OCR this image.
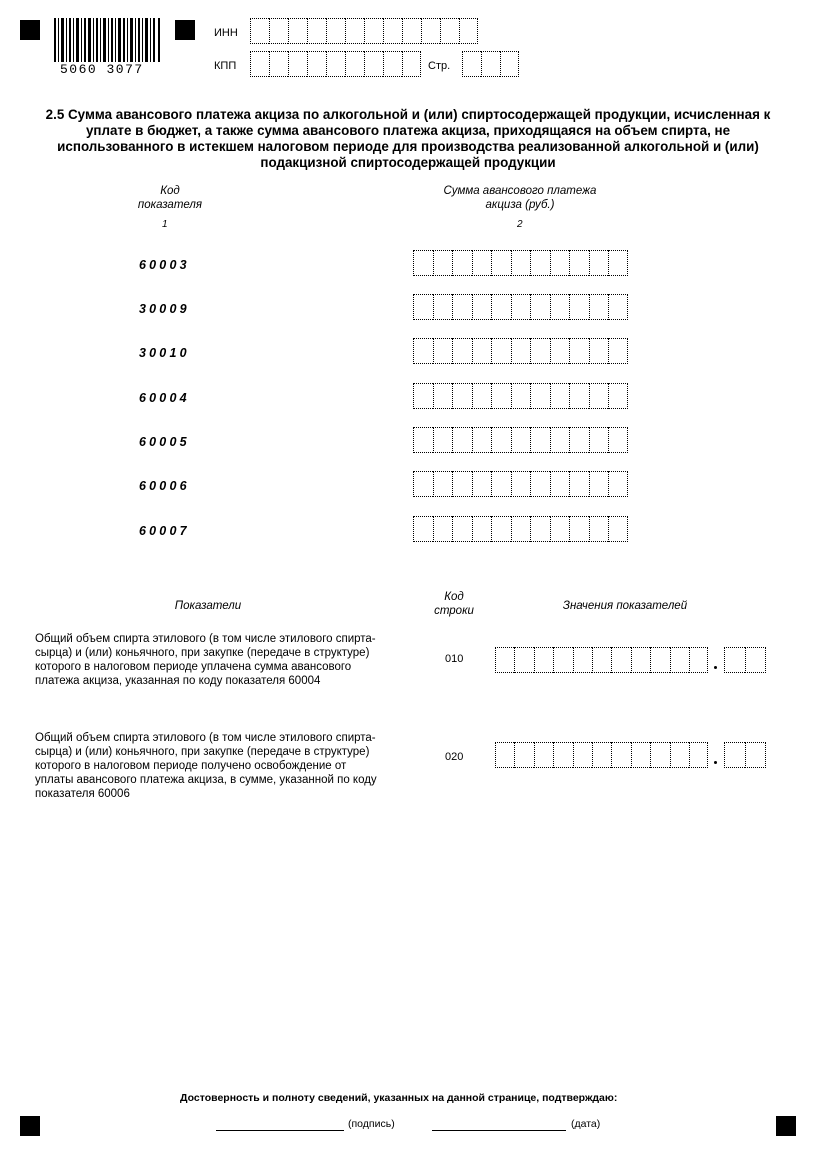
5060 3077
ИНН
КПП	Стр.
2.5 Сумма авансового платежа акциза по алкогольной и (или) спиртосодержащей продукции, исчисленная к уплате в бюджет, а также сумма авансового платежа акциза, приходящаяся на объем спирта, не использованного в истекшем налоговом периоде для производства реализованной алкогольной и (или) подакцизной спиртосодержащей продукции
Код
показателя
Сумма авансового платежа
акциза (руб.)
1	2
60003
30009
30010
60004
60005
60006
60007
Показатели
Код
строки	Значения показателей
Общий объем спирта этилового (в том числе этилового спирта-
сырца) и (или) коньячного, при закупке (передаче в структуре)
которого в налоговом периоде уплачена сумма авансового
платежа акциза, указанная по коду показателя 60004
010
Общий объем спирта этилового (в том числе этилового спирта-
сырца) и (или) коньячного, при закупке (передаче в структуре)
которого в налоговом периоде получено освобождение от
уплаты авансового платежа акциза, в сумме, указанной по коду
показателя 60006
020
Достоверность и полноту сведений, указанных на данной странице, подтверждаю:
(подпись)	(дата)
